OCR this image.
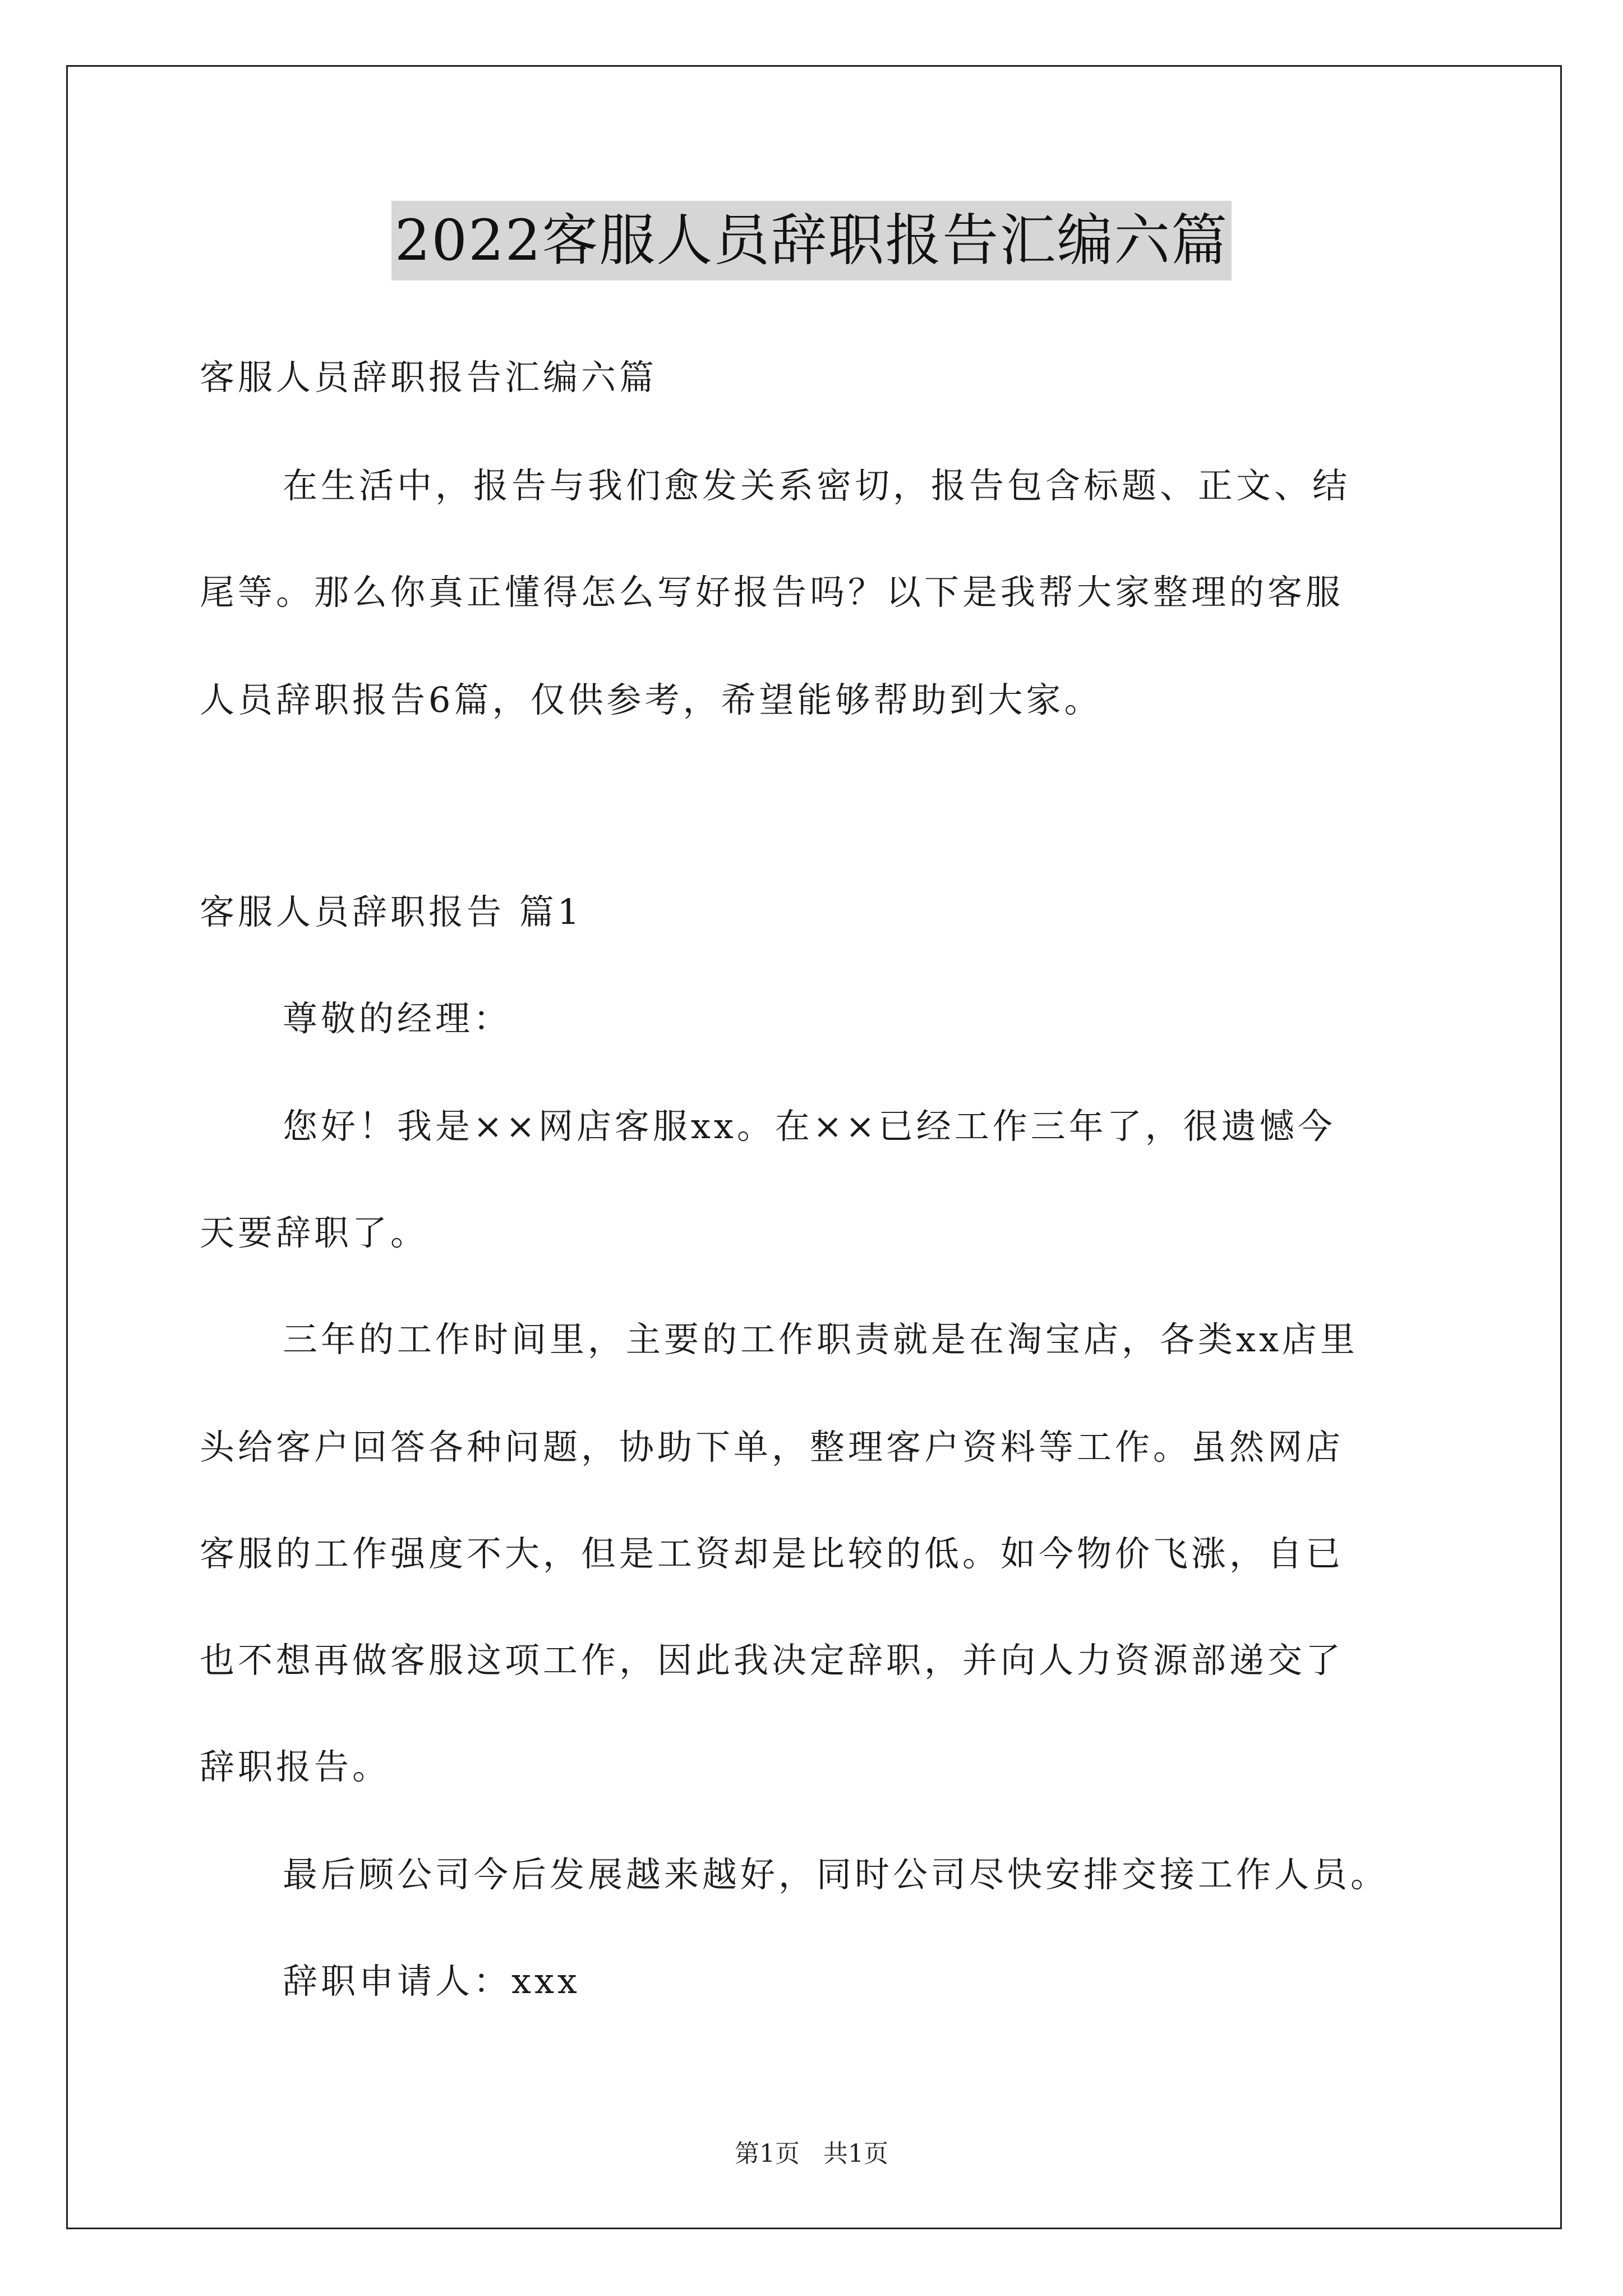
2022客服人员辞职报告汇编六篇
客服人员辞职报告汇编六篇
在生活中，报告与我们愈发关系密切，报告包含标题、正文、结
尾等。那么你真正懂得怎么写好报告吗？以下是我帮大家整理的客服
人员辞职报告6篇，仅供参考，希望能够帮助到大家。
客服人员辞职报告 篇1
尊敬的经理：
您好！我是××网店客服xx。在××已经工作三年了，很遗憾今
天要辞职了。
三年的工作时间里，主要的工作职责就是在淘宝店，各类xx店里
头给客户回答各种问题，协助下单，整理客户资料等工作。虽然网店
客服的工作强度不大，但是工资却是比较的低。如今物价飞涨，自已
也不想再做客服这项工作，因此我决定辞职，并向人力资源部递交了
辞职报告。
最后顾公司今后发展越来越好，同时公司尽快安排交接工作人员。
辞职申请人：xxx
第1页   共1页
